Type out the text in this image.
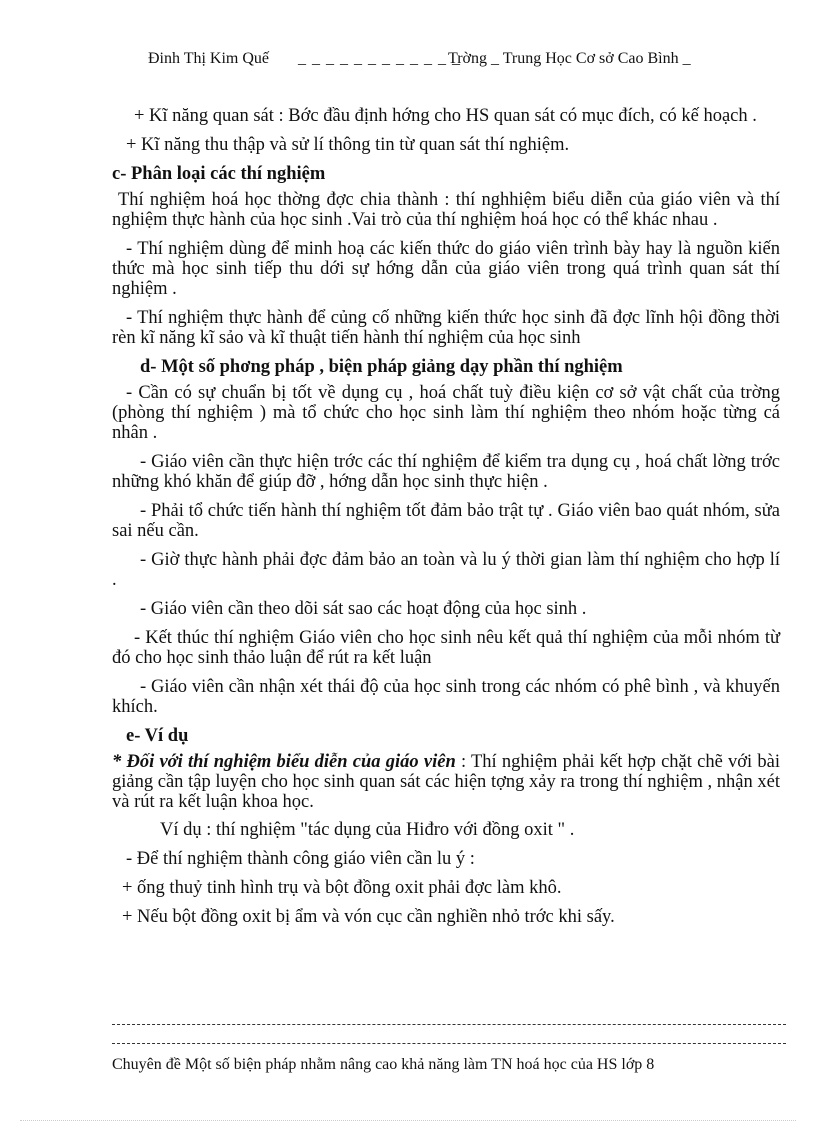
Đinh Thị Kim Quế _ _ _ _ _ _ _ _ _ _ _ _
Trờng _ Trung Học Cơ sở Cao Bình _

+ Kĩ năng quan sát : Bớc đầu định hớng cho HS quan sát có mục đích, có kế hoạch .

+ Kĩ năng thu thập và sử lí thông tin từ quan sát thí nghiệm.

c- Phân loại các thí nghiệm

Thí nghiệm hoá học thờng đợc chia thành : thí nghhiệm biểu diễn của giáo viên và thí nghiệm thực hành của học sinh .Vai trò của thí nghiệm hoá học có thể khác nhau .

- Thí nghiệm dùng để minh hoạ các kiến thức do giáo viên trình bày hay là nguồn kiến thức mà học sinh tiếp thu dới sự hớng dẫn của giáo viên trong quá trình quan sát thí nghiệm .

- Thí nghiệm thực hành để củng cố những kiến thức học sinh đã đợc lĩnh hội đồng thời rèn kĩ năng kĩ sảo và kĩ thuật tiến hành thí nghiệm của học sinh

d- Một số phơng pháp , biện pháp giảng dạy phần thí nghiệm

- Cần có sự chuẩn bị tốt về dụng cụ , hoá chất tuỳ điều kiện cơ sở vật chất của trờng (phòng thí nghiệm ) mà tổ chức cho học sinh làm thí nghiệm theo nhóm hoặc từng cá nhân .

- Giáo viên cần thực hiện trớc các thí nghiệm để kiểm tra dụng cụ , hoá chất lờng trớc những khó khăn để giúp đỡ , hớng dẫn học sinh thực hiện .

- Phải tổ chức tiến hành thí nghiệm tốt đảm bảo trật tự . Giáo viên bao quát nhóm, sửa sai nếu cần.

- Giờ thực hành phải đợc đảm bảo an toàn và lu ý thời gian làm thí nghiệm cho hợp lí .

- Giáo viên cần theo dõi sát sao các hoạt động của học sinh .

- Kết thúc thí nghiệm Giáo viên cho học sinh nêu kết quả thí nghiệm của mỗi nhóm từ đó cho học sinh thảo luận để rút ra kết luận

- Giáo viên cần nhận xét thái độ của học sinh trong các nhóm có phê bình , và khuyến khích.

e- Ví dụ

* Đối với thí nghiệm biểu diễn của giáo viên : Thí nghiệm phải kết hợp chặt chẽ với bài giảng cần tập luyện cho học sinh quan sát các hiện tợng xảy ra trong thí nghiệm , nhận xét và rút ra kết luận khoa học.

Ví dụ : thí nghiệm "tác dụng của Hiđro với đồng oxit " .

- Để thí nghiệm thành công giáo viên cần lu ý :

+ ống thuỷ tinh hình trụ và bột đồng oxit phải đợc làm khô.

+ Nếu bột đồng oxit bị ẩm và vón cục cần nghiền nhỏ trớc khi sấy.

Chuyên đề Một số biện pháp nhằm nâng cao khả năng làm TN hoá học của HS lớp 8
